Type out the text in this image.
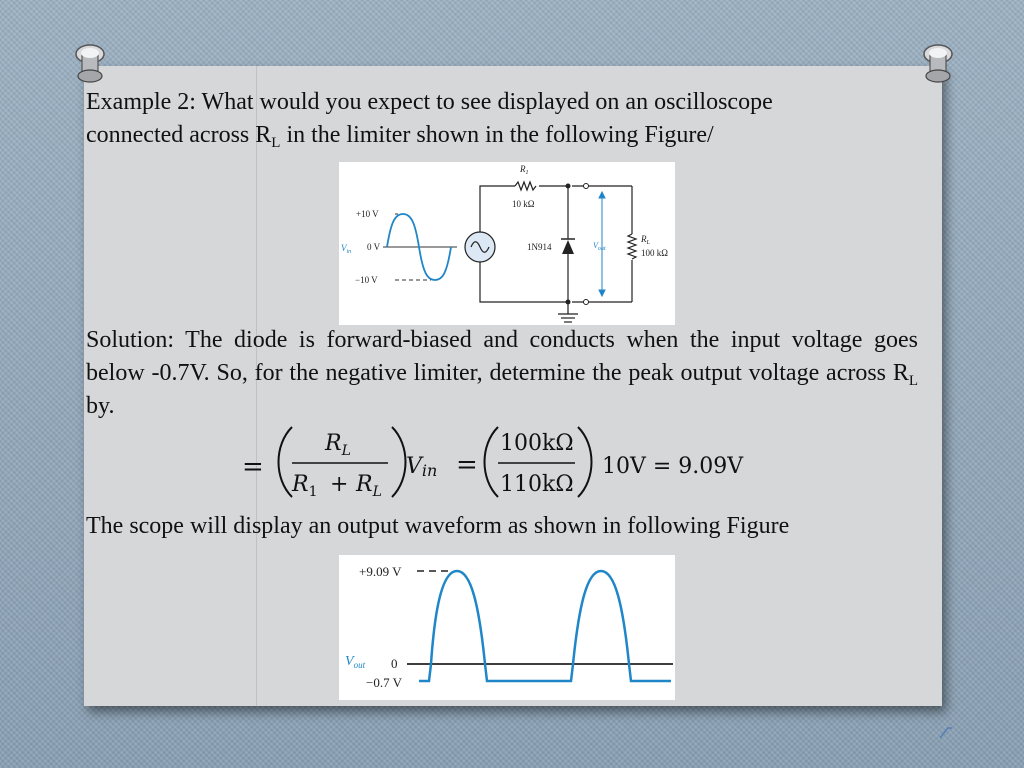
Example 2: What would you expect to see displayed on an oscilloscope
connected across $R_L$ in the limiter shown in the following Figure/
+10 V
0 V
−10 V
$V_{in}$
$R_1$
10 kΩ
1N914	$V_{out}$
$R_L$
100 kΩ
Solution: The diode is forward-biased and conducts when the input voltage goes below -0.7V. So, for the negative limiter, determine the peak output voltage across $R_L$ by.
=
$R_L$
$R_1 + R_L$
Vin =
100kΩ
110kΩ
10V = 9.09V
The scope will display an output waveform as shown in following Figure
+9.09 V
0
−0.7 V
$V_{out}$
